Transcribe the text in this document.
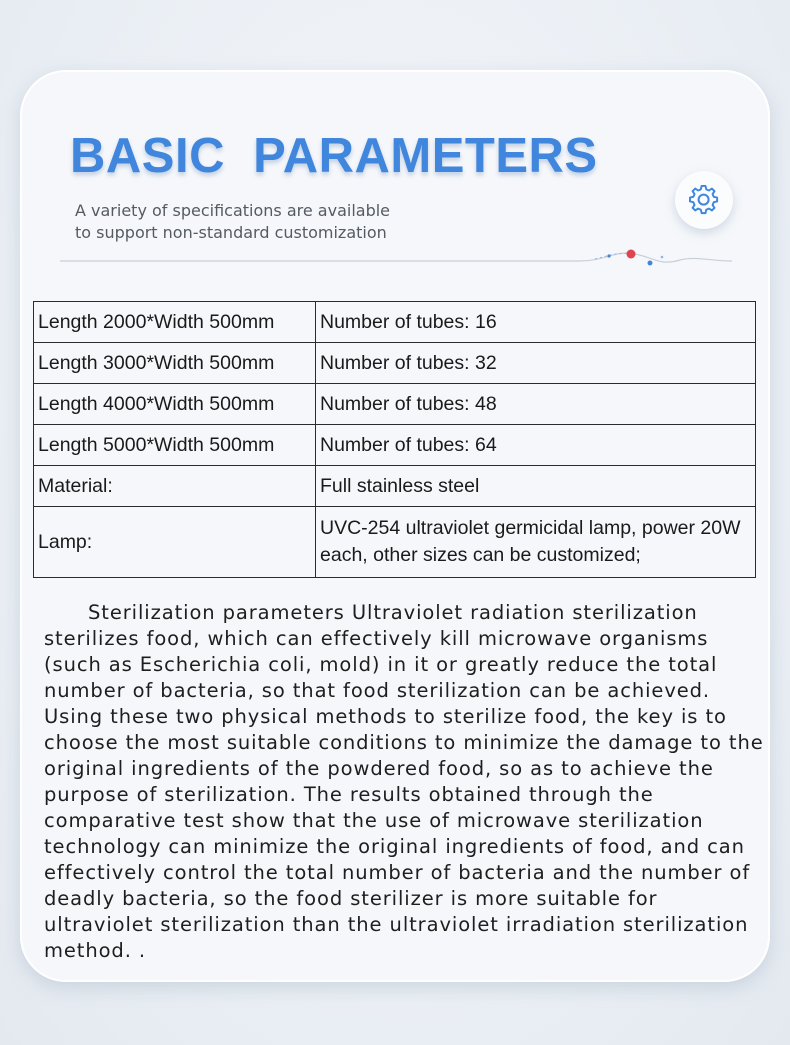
BASIC  PARAMETERS
A variety of specifications are available
to support non-standard customization
Length 2000*Width 500mm	Number of tubes: 16
Length 3000*Width 500mm	Number of tubes: 32
Length 4000*Width 500mm	Number of tubes: 48
Length 5000*Width 500mm	Number of tubes: 64
Material:	Full stainless steel
Lamp:	UVC-254 ultraviolet germicidal lamp, power 20W each, other sizes can be customized;

Sterilization parameters Ultraviolet radiation sterilization sterilizes food, which can effectively kill microwave organisms (such as Escherichia coli, mold) in it or greatly reduce the total number of bacteria, so that food sterilization can be achieved. Using these two physical methods to sterilize food, the key is to choose the most suitable conditions to minimize the damage to the original ingredients of the powdered food, so as to achieve the purpose of sterilization. The results obtained through the comparative test show that the use of microwave sterilization technology can minimize the original ingredients of food, and can effectively control the total number of bacteria and the number of deadly bacteria, so the food sterilizer is more suitable for ultraviolet sterilization than the ultraviolet irradiation sterilization method. .
